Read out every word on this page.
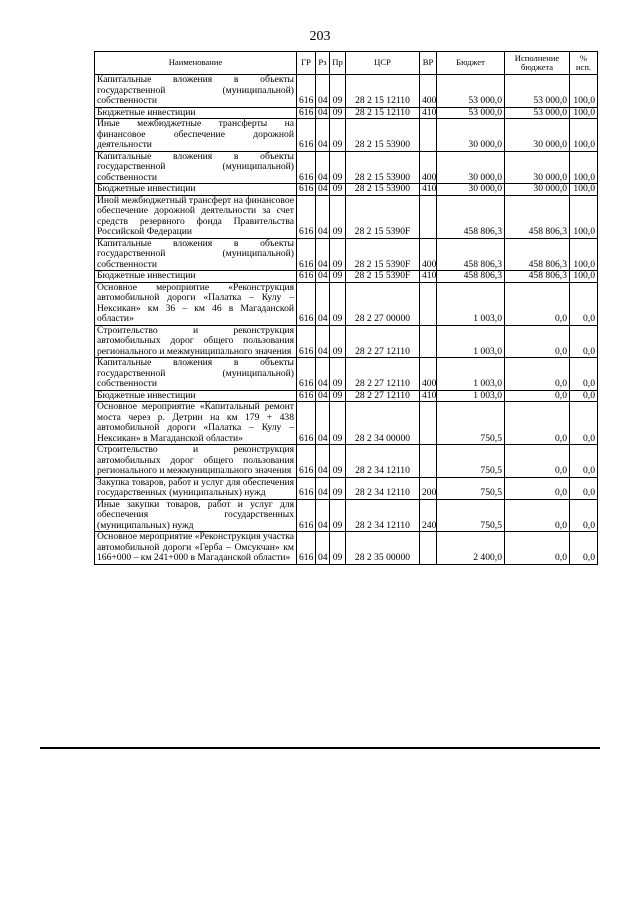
203
Наименование	ГР	Рз	Пр	ЦСР	ВР	Бюджет	Исполнение бюджета	% исп.
Капитальные вложения в объекты государственной (муниципальной) собственности	616	04	09	28 2 15 12110	400	53 000,0	53 000,0	100,0
Бюджетные инвестиции	616	04	09	28 2 15 12110	410	53 000,0	53 000,0	100,0
Иные межбюджетные трансферты на финансовое обеспечение дорожной деятельности	616	04	09	28 2 15 53900		30 000,0	30 000,0	100,0
Капитальные вложения в объекты государственной (муниципальной) собственности	616	04	09	28 2 15 53900	400	30 000,0	30 000,0	100,0
Бюджетные инвестиции	616	04	09	28 2 15 53900	410	30 000,0	30 000,0	100,0
Иной межбюджетный трансферт на финансовое обеспечение дорожной деятельности за счет средств резервного фонда Правительства Российской Федерации	616	04	09	28 2 15 5390F		458 806,3	458 806,3	100,0
Капитальные вложения в объекты государственной (муниципальной) собственности	616	04	09	28 2 15 5390F	400	458 806,3	458 806,3	100,0
Бюджетные инвестиции	616	04	09	28 2 15 5390F	410	458 806,3	458 806,3	100,0
Основное мероприятие «Реконструкция автомобильной дороги «Палатка – Кулу – Нексикан» км 36 – км 46 в Магаданской области»	616	04	09	28 2 27 00000		1 003,0	0,0	0,0
Строительство и реконструкция автомобильных дорог общего пользования регионального и межмуниципального значения	616	04	09	28 2 27 12110		1 003,0	0,0	0,0
Капитальные вложения в объекты государственной (муниципальной) собственности	616	04	09	28 2 27 12110	400	1 003,0	0,0	0,0
Бюджетные инвестиции	616	04	09	28 2 27 12110	410	1 003,0	0,0	0,0
Основное мероприятие «Капитальный ремонт моста через р. Детрин на км 179 + 438 автомобильной дороги «Палатка – Кулу – Нексикан» в Магаданской области»	616	04	09	28 2 34 00000		750,5	0,0	0,0
Строительство и реконструкция автомобильных дорог общего пользования регионального и межмуниципального значения	616	04	09	28 2 34 12110		750,5	0,0	0,0
Закупка товаров, работ и услуг для обеспечения государственных (муниципальных) нужд	616	04	09	28 2 34 12110	200	750,5	0,0	0,0
Иные закупки товаров, работ и услуг для обеспечения государственных (муниципальных) нужд	616	04	09	28 2 34 12110	240	750,5	0,0	0,0
Основное мероприятие «Реконструкция участка автомобильной дороги «Герба – Омсукчан» км 166+000 – км 241+000 в Магаданской области»	616	04	09	28 2 35 00000		2 400,0	0,0	0,0
